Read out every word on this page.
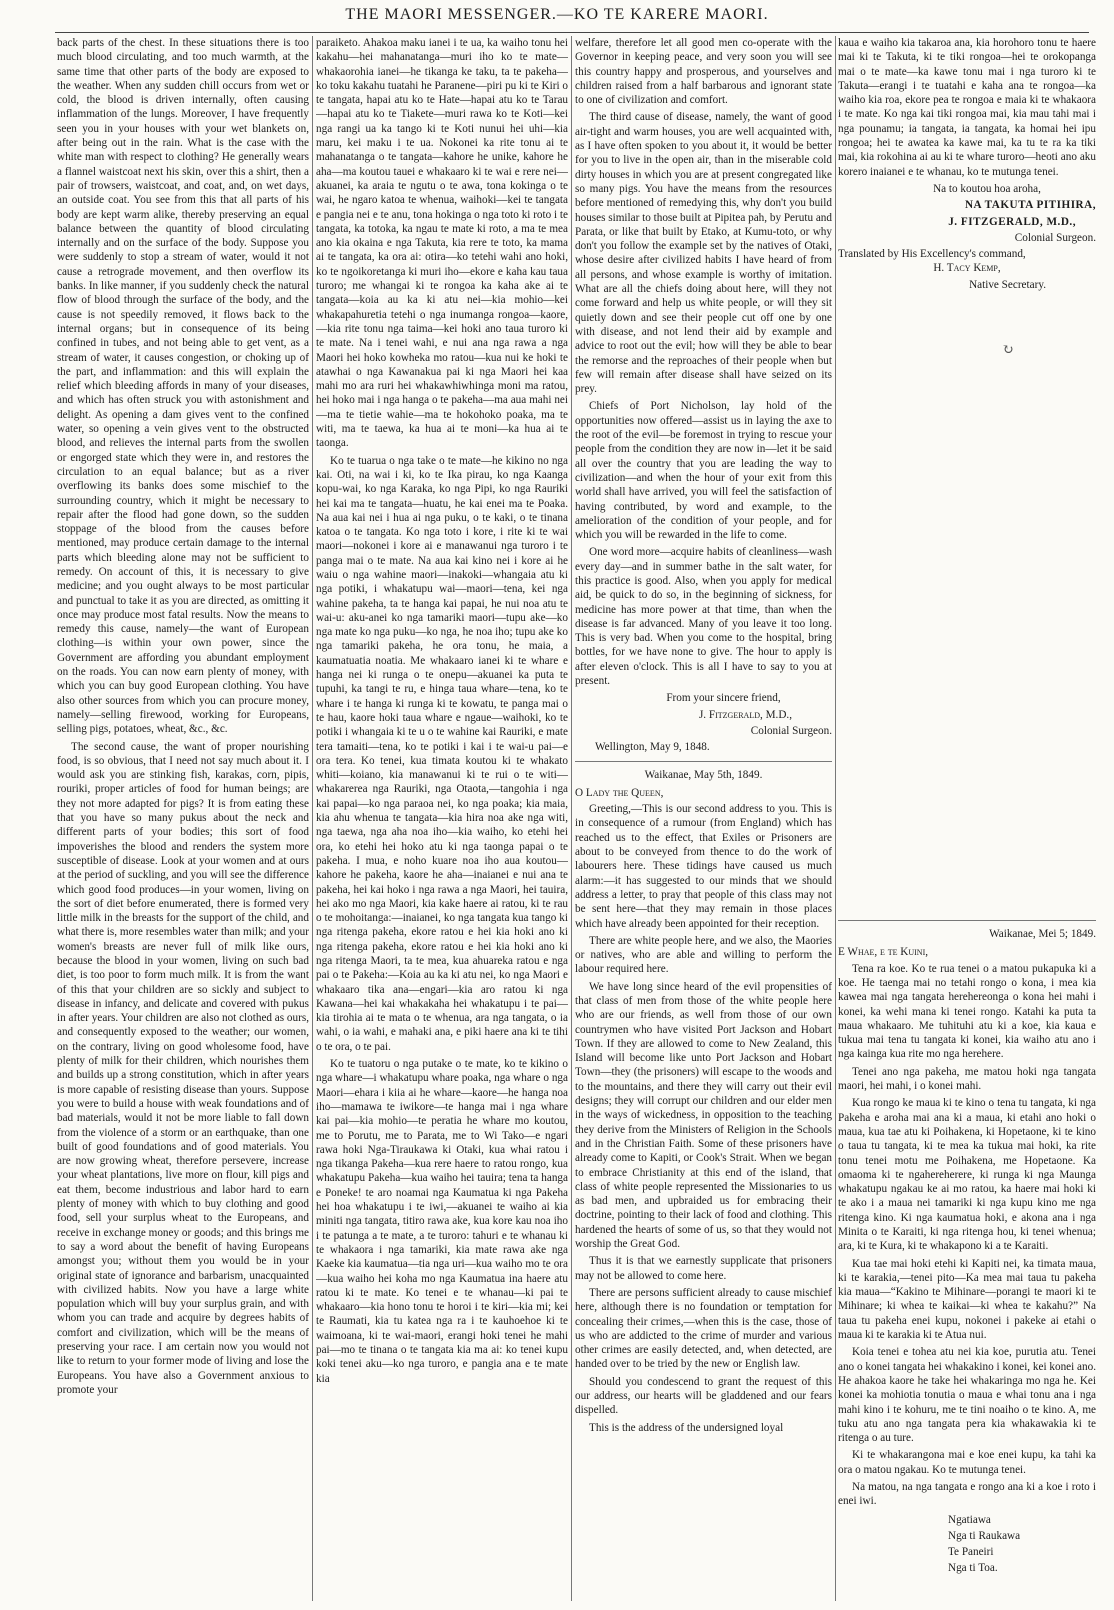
THE MAORI MESSENGER.—KO TE KARERE MAORI.

back parts of the chest. In these situations there is too much blood circulating, and too much warmth, at the same time that other parts of the body are exposed to the weather. When any sudden chill occurs from wet or cold, the blood is driven internally, often causing inflammation of the lungs. Moreover, I have frequently seen you in your houses with your wet blankets on, after being out in the rain. What is the case with the white man with respect to clothing? He generally wears a flannel waistcoat next his skin, over this a shirt, then a pair of trowsers, waistcoat, and coat, and, on wet days, an outside coat. You see from this that all parts of his body are kept warm alike, thereby preserving an equal balance between the quantity of blood circulating internally and on the surface of the body. Suppose you were suddenly to stop a stream of water, would it not cause a retrograde movement, and then overflow its banks. In like manner, if you suddenly check the natural flow of blood through the surface of the body, and the cause is not speedily removed, it flows back to the internal organs; but in consequence of its being confined in tubes, and not being able to get vent, as a stream of water, it causes congestion, or choking up of the part, and inflammation: and this will explain the relief which bleeding affords in many of your diseases, and which has often struck you with astonishment and delight. As opening a dam gives vent to the confined water, so opening a vein gives vent to the obstructed blood, and relieves the internal parts from the swollen or engorged state which they were in, and restores the circulation to an equal balance; but as a river overflowing its banks does some mischief to the surrounding country, which it might be necessary to repair after the flood had gone down, so the sudden stoppage of the blood from the causes before mentioned, may produce certain damage to the internal parts which bleeding alone may not be sufficient to remedy. On account of this, it is necessary to give medicine; and you ought always to be most particular and punctual to take it as you are directed, as omitting it once may produce most fatal results. Now the means to remedy this cause, namely—the want of European clothing—is within your own power, since the Government are affording you abundant employment on the roads. You can now earn plenty of money, with which you can buy good European clothing. You have also other sources from which you can procure money, namely—selling firewood, working for Europeans, selling pigs, potatoes, wheat, &c., &c.

The second cause, the want of proper nourishing food, is so obvious, that I need not say much about it. I would ask you are stinking fish, karakas, corn, pipis, rouriki, proper articles of food for human beings; are they not more adapted for pigs? It is from eating these that you have so many pukus about the neck and different parts of your bodies; this sort of food impoverishes the blood and renders the system more susceptible of disease. Look at your women and at ours at the period of suckling, and you will see the difference which good food produces—in your women, living on the sort of diet before enumerated, there is formed very little milk in the breasts for the support of the child, and what there is, more resembles water than milk; and your women's breasts are never full of milk like ours, because the blood in your women, living on such bad diet, is too poor to form much milk. It is from the want of this that your children are so sickly and subject to disease in infancy, and delicate and covered with pukus in after years. Your children are also not clothed as ours, and consequently exposed to the weather; our women, on the contrary, living on good wholesome food, have plenty of milk for their children, which nourishes them and builds up a strong constitution, which in after years is more capable of resisting disease than yours. Suppose you were to build a house with weak foundations and of bad materials, would it not be more liable to fall down from the violence of a storm or an earthquake, than one built of good foundations and of good materials. You are now growing wheat, therefore persevere, increase your wheat plantations, live more on flour, kill pigs and eat them, become industrious and labor hard to earn plenty of money with which to buy clothing and good food, sell your surplus wheat to the Europeans, and receive in exchange money or goods; and this brings me to say a word about the benefit of having Europeans amongst you; without them you would be in your original state of ignorance and barbarism, unacquainted with civilized habits. Now you have a large white population which will buy your surplus grain, and with whom you can trade and acquire by degrees habits of comfort and civilization, which will be the means of preserving your race. I am certain now you would not like to return to your former mode of living and lose the Europeans. You have also a Government anxious to promote your

paraiketo. Ahakoa maku ianei i te ua, ka waiho tonu hei kakahu—hei mahanatanga—muri iho ko te mate—whakaorohia ianei—he tikanga ke taku, ta te pakeha—ko toku kakahu tuatahi he Paranene—piri pu ki te Kiri o te tangata, hapai atu ko te Hate—hapai atu ko te Tarau—hapai atu ko te Tiakete—muri rawa ko te Koti—kei nga rangi ua ka tango ki te Koti nunui hei uhi—kia maru, kei maku i te ua. Nokonei ka rite tonu ai te mahanatanga o te tangata—kahore he unike, kahore he aha—ma koutou tauei e whakaaro ki te wai e rere nei—akuanei, ka araia te ngutu o te awa, tona kokinga o te wai, he ngaro katoa te whenua, waihoki—kei te tangata e pangia nei e te anu, tona hokinga o nga toto ki roto i te tangata, ka totoka, ka ngau te mate ki roto, a ma te mea ano kia okaina e nga Takuta, kia rere te toto, ka mama ai te tangata, ka ora ai: otira—ko tetehi wahi ano hoki, ko te ngoikoretanga ki muri iho—ekore e kaha kau taua turoro; me whangai ki te rongoa ka kaha ake ai te tangata—koia au ka ki atu nei—kia mohio—kei whakapahuretia tetehi o nga inumanga rongoa—kaore,—kia rite tonu nga taima—kei hoki ano taua turoro ki te mate. Na i tenei wahi, e nui ana nga rawa a nga Maori hei hoko kowheka mo ratou—kua nui ke hoki te atawhai o nga Kawanakua pai ki nga Maori hei kaa mahi mo ara ruri hei whakawhiwhinga moni ma ratou, hei hoko mai i nga hanga o te pakeha—ma aua mahi nei—ma te tietie wahie—ma te hokohoko poaka, ma te witi, ma te taewa, ka hua ai te moni—ka hua ai te taonga.

Ko te tuarua o nga take o te mate—he kikino no nga kai. Oti, na wai i ki, ko te Ika pirau, ko nga Kaanga kopu-wai, ko nga Karaka, ko nga Pipi, ko nga Rauriki hei kai ma te tangata—huatu, he kai enei ma te Poaka. Na aua kai nei i hua ai nga puku, o te kaki, o te tinana katoa o te tangata. Ko nga toto i kore, i rite ki te wai maori—nokonei i kore ai e manawanui nga turoro i te panga mai o te mate. Na aua kai kino nei i kore ai he waiu o nga wahine maori—inakoki—whangaia atu ki nga potiki, i whakatupu wai—maori—tena, kei nga wahine pakeha, ta te hanga kai papai, he nui noa atu te wai-u: aku-anei ko nga tamariki maori—tupu ake—ko nga mate ko nga puku—ko nga, he noa iho; tupu ake ko nga tamariki pakeha, he ora tonu, he maia, a kaumatuatia noatia. Me whakaaro ianei ki te whare e hanga nei ki runga o te onepu—akuanei ka puta te tupuhi, ka tangi te ru, e hinga taua whare—tena, ko te whare i te hanga ki runga ki te kowatu, te panga mai o te hau, kaore hoki taua whare e ngaue—waihoki, ko te potiki i whangaia ki te u o te wahine kai Rauriki, e mate tera tamaiti—tena, ko te potiki i kai i te wai-u pai—e ora tera. Ko tenei, kua timata koutou ki te whakato whiti—koiano, kia manawanui ki te rui o te witi—whakarerea nga Rauriki, nga Otaota,—tangohia i nga kai papai—ko nga paraoa nei, ko nga poaka; kia maia, kia ahu whenua te tangata—kia hira noa ake nga witi, nga taewa, nga aha noa iho—kia waiho, ko etehi hei ora, ko etehi hei hoko atu ki nga taonga papai o te pakeha. I mua, e noho kuare noa iho aua koutou—kahore he pakeha, kaore he aha—inaianei e nui ana te pakeha, hei kai hoko i nga rawa a nga Maori, hei tauira, hei ako mo nga Maori, kia kake haere ai ratou, ki te rau o te mohoitanga:—inaianei, ko nga tangata kua tango ki nga ritenga pakeha, ekore ratou e hei kia hoki ano ki nga ritenga pakeha, ekore ratou e hei kia hoki ano ki nga ritenga Maori, ta te mea, kua ahuareka ratou e nga pai o te Pakeha:—Koia au ka ki atu nei, ko nga Maori e whakaaro tika ana—engari—kia aro ratou ki nga Kawana—hei kai whakakaha hei whakatupu i te pai—kia tirohia ai te mata o te whenua, ara nga tangata, o ia wahi, o ia wahi, e mahaki ana, e piki haere ana ki te tihi o te ora, o te pai.

Ko te tuatoru o nga putake o te mate, ko te kikino o nga whare—i whakatupu whare poaka, nga whare o nga Maori—ehara i kiia ai he whare—kaore—he hanga noa iho—mamawa te iwikore—te hanga mai i nga whare kai pai—kia mohio—te peratia he whare mo koutou, me to Porutu, me to Parata, me to Wi Tako—e ngari rawa hoki Nga-Tiraukawa ki Otaki, kua whai ratou i nga tikanga Pakeha—kua rere haere to ratou rongo, kua whakatupu Pakeha—kua waiho hei tauira; tena ta hanga e Poneke! te aro noamai nga Kaumatua ki nga Pakeha hei hoa whakatupu i te iwi,—akuanei te waiho ai kia miniti nga tangata, titiro rawa ake, kua kore kau noa iho i te patunga a te mate, a te turoro: tahuri e te whanau ki te whakaora i nga tamariki, kia mate rawa ake nga Kaeke kia kaumatua—tia nga uri—kua waiho mo te ora—kua waiho hei koha mo nga Kaumatua ina haere atu ratou ki te mate. Ko tenei e te whanau—ki pai te whakaaro—kia hono tonu te horoi i te kiri—kia mi; kei te Raumati, kia tu katea nga ra i te kauhoehoe ki te waimoana, ki te wai-maori, erangi hoki tenei he mahi pai—mo te tinana o te tangata kia ma ai: ko tenei kupu koki tenei aku—ko nga turoro, e pangia ana e te mate kia

welfare, therefore let all good men co-operate with the Governor in keeping peace, and very soon you will see this country happy and prosperous, and yourselves and children raised from a half barbarous and ignorant state to one of civilization and comfort.

The third cause of disease, namely, the want of good air-tight and warm houses, you are well acquainted with, as I have often spoken to you about it, it would be better for you to live in the open air, than in the miserable cold dirty houses in which you are at present congregated like so many pigs. You have the means from the resources before mentioned of remedying this, why don't you build houses similar to those built at Pipitea pah, by Perutu and Parata, or like that built by Etako, at Kumu-toto, or why don't you follow the example set by the natives of Otaki, whose desire after civilized habits I have heard of from all persons, and whose example is worthy of imitation. What are all the chiefs doing about here, will they not come forward and help us white people, or will they sit quietly down and see their people cut off one by one with disease, and not lend their aid by example and advice to root out the evil; how will they be able to bear the remorse and the reproaches of their people when but few will remain after disease shall have seized on its prey.

Chiefs of Port Nicholson, lay hold of the opportunities now offered—assist us in laying the axe to the root of the evil—be foremost in trying to rescue your people from the condition they are now in—let it be said all over the country that you are leading the way to civilization—and when the hour of your exit from this world shall have arrived, you will feel the satisfaction of having contributed, by word and example, to the amelioration of the condition of your people, and for which you will be rewarded in the life to come.

One word more—acquire habits of cleanliness—wash every day—and in summer bathe in the salt water, for this practice is good. Also, when you apply for medical aid, be quick to do so, in the beginning of sickness, for medicine has more power at that time, than when the disease is far advanced. Many of you leave it too long. This is very bad. When you come to the hospital, bring bottles, for we have none to give. The hour to apply is after eleven o'clock. This is all I have to say to you at present.

From your sincere friend,
J. Fitzgerald, M.D.,
Colonial Surgeon.
Wellington, May 9, 1848.
Waikanae, May 5th, 1849.
O Lady the Queen,

Greeting,—This is our second address to you. This is in consequence of a rumour (from England) which has reached us to the effect, that Exiles or Prisoners are about to be conveyed from thence to do the work of labourers here. These tidings have caused us much alarm:—it has suggested to our minds that we should address a letter, to pray that people of this class may not be sent here—that they may remain in those places which have already been appointed for their reception.

There are white people here, and we also, the Maories or natives, who are able and willing to perform the labour required here.

We have long since heard of the evil propensities of that class of men from those of the white people here who are our friends, as well from those of our own countrymen who have visited Port Jackson and Hobart Town. If they are allowed to come to New Zealand, this Island will become like unto Port Jackson and Hobart Town—they (the prisoners) will escape to the woods and to the mountains, and there they will carry out their evil designs; they will corrupt our children and our elder men in the ways of wickedness, in opposition to the teaching they derive from the Ministers of Religion in the Schools and in the Christian Faith. Some of these prisoners have already come to Kapiti, or Cook's Strait. When we began to embrace Christianity at this end of the island, that class of white people represented the Missionaries to us as bad men, and upbraided us for embracing their doctrine, pointing to their lack of food and clothing. This hardened the hearts of some of us, so that they would not worship the Great God.

Thus it is that we earnestly supplicate that prisoners may not be allowed to come here.

There are persons sufficient already to cause mischief here, although there is no foundation or temptation for concealing their crimes,—when this is the case, those of us who are addicted to the crime of murder and various other crimes are easily detected, and, when detected, are handed over to be tried by the new or English law.

Should you condescend to grant the request of this our address, our hearts will be gladdened and our fears dispelled.

This is the address of the undersigned loyal

kaua e waiho kia takaroa ana, kia horohoro tonu te haere mai ki te Takuta, ki te tiki rongoa—hei te orokopanga mai o te mate—ka kawe tonu mai i nga turoro ki te Takuta—erangi i te tuatahi e kaha ana te rongoa—ka waiho kia roa, ekore pea te rongoa e maia ki te whakaora i te mate. Ko nga kai tiki rongoa mai, kia mau tahi mai i nga pounamu; ia tangata, ia tangata, ka homai hei ipu rongoa; hei te awatea ka kawe mai, ka tu te ra ka tiki mai, kia rokohina ai au ki te whare turoro—heoti ano aku korero inaianei e te whanau, ko te mutunga tenei.

Na to koutou hoa aroha,
NA TAKUTA PITIHIRA,
J. FITZGERALD, M.D.,
Colonial Surgeon.
Translated by His Excellency's command,
H. Tacy Kemp,
Native Secretary.
Waikanae, Mei 5; 1849.
E Whae, e te Kuini,

Tena ra koe. Ko te rua tenei o a matou pukapuka ki a koe. He taenga mai no tetahi rongo o kona, i mea kia kawea mai nga tangata herehereonga o kona hei mahi i konei, ka wehi mana ki tenei rongo. Katahi ka puta ta maua whakaaro. Me tuhituhi atu ki a koe, kia kaua e tukua mai tena tu tangata ki konei, kia waiho atu ano i nga kainga kua rite mo nga herehere.

Tenei ano nga pakeha, me matou hoki nga tangata maori, hei mahi, i o konei mahi.

Kua rongo ke maua ki te kino o tena tu tangata, ki nga Pakeha e aroha mai ana ki a maua, ki etahi ano hoki o maua, kua tae atu ki Poihakena, ki Hopetaone, ki te kino o taua tu tangata, ki te mea ka tukua mai hoki, ka rite tonu tenei motu me Poihakena, me Hopetaone. Ka omaoma ki te ngahereherere, ki runga ki nga Maunga whakatupu ngakau ke ai mo ratou, ka haere mai hoki ki te ako i a maua nei tamariki ki nga kupu kino me nga ritenga kino. Ki nga kaumatua hoki, e akona ana i nga Minita o te Karaiti, ki nga ritenga hou, ki tenei whenua; ara, ki te Kura, ki te whakapono ki a te Karaiti.

Kua tae mai hoki etehi ki Kapiti nei, ka timata maua, ki te karakia,—tenei pito—Ka mea mai taua tu pakeha kia maua—“Kakino te Mihinare—porangi te maori ki te Mihinare; ki whea te kaikai—ki whea te kakahu?” Na taua tu pakeha enei kupu, nokonei i pakeke ai etahi o maua ki te karakia ki te Atua nui.

Koia tenei e tohea atu nei kia koe, purutia atu. Tenei ano o konei tangata hei whakakino i konei, kei konei ano. He ahakoa kaore he take hei whakaringa mo nga he. Kei konei ka mohiotia tonutia o maua e whai tonu ana i nga mahi kino i te kohuru, me te tini noaiho o te kino. A, me tuku atu ano nga tangata pera kia whakawakia ki te ritenga o au ture.

Ki te whakarangona mai e koe enei kupu, ka tahi ka ora o matou ngakau. Ko te mutunga tenei.

Na matou, na nga tangata e rongo ana ki a koe i roto i enei iwi.

Ngatiawa
Nga ti Raukawa
Te Paneiri
Nga ti Toa.
↻
